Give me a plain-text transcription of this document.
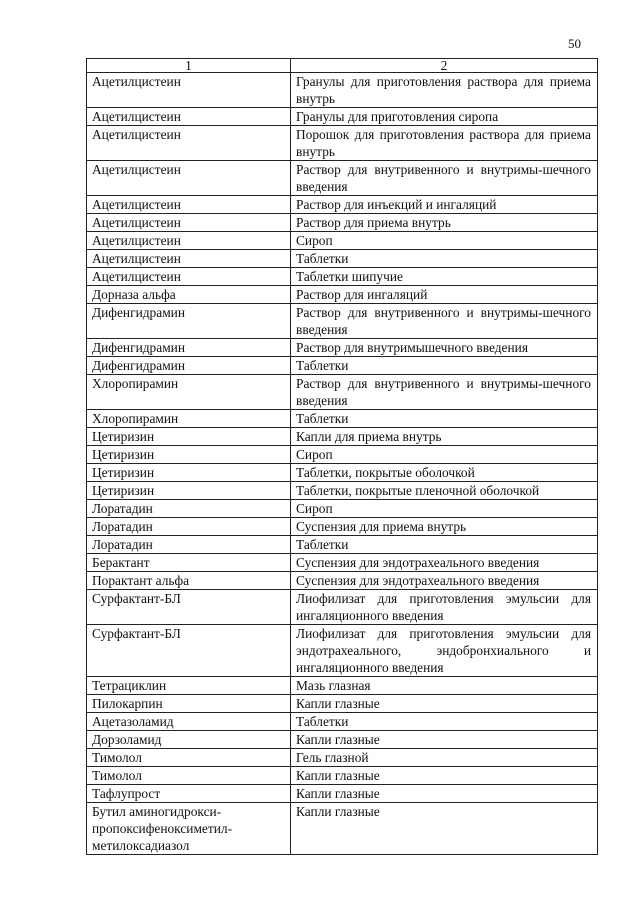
50
1	2
Ацетилцистеин	Гранулы для приготовления раствора для приема внутрь
Ацетилцистеин	Гранулы для приготовления сиропа
Ацетилцистеин	Порошок для приготовления раствора для приема внутрь
Ацетилцистеин	Раствор для внутривенного и внутримы-шечного введения
Ацетилцистеин	Раствор для инъекций и ингаляций
Ацетилцистеин	Раствор для приема внутрь
Ацетилцистеин	Сироп
Ацетилцистеин	Таблетки
Ацетилцистеин	Таблетки шипучие
Дорназа альфа	Раствор для ингаляций
Дифенгидрамин	Раствор для внутривенного и внутримы-шечного введения
Дифенгидрамин	Раствор для внутримышечного введения
Дифенгидрамин	Таблетки
Хлоропирамин	Раствор для внутривенного и внутримы-шечного введения
Хлоропирамин	Таблетки
Цетиризин	Капли для приема внутрь
Цетиризин	Сироп
Цетиризин	Таблетки, покрытые оболочкой
Цетиризин	Таблетки, покрытые пленочной оболочкой
Лоратадин	Сироп
Лоратадин	Суспензия для приема внутрь
Лоратадин	Таблетки
Берактант	Суспензия для эндотрахеального введения
Порактант альфа	Суспензия для эндотрахеального введения
Сурфактант-БЛ	Лиофилизат для приготовления эмульсии для ингаляционного введения
Сурфактант-БЛ	Лиофилизат для приготовления эмульсии для эндотрахеального, эндобронхиального и ингаляционного введения
Тетрациклин	Мазь глазная
Пилокарпин	Капли глазные
Ацетазоламид	Таблетки
Дорзоламид	Капли глазные
Тимолол	Гель глазной
Тимолол	Капли глазные
Тафлупрост	Капли глазные
Бутил аминогидрокси-пропоксифеноксиметил-метилоксадиазол	Капли глазные
